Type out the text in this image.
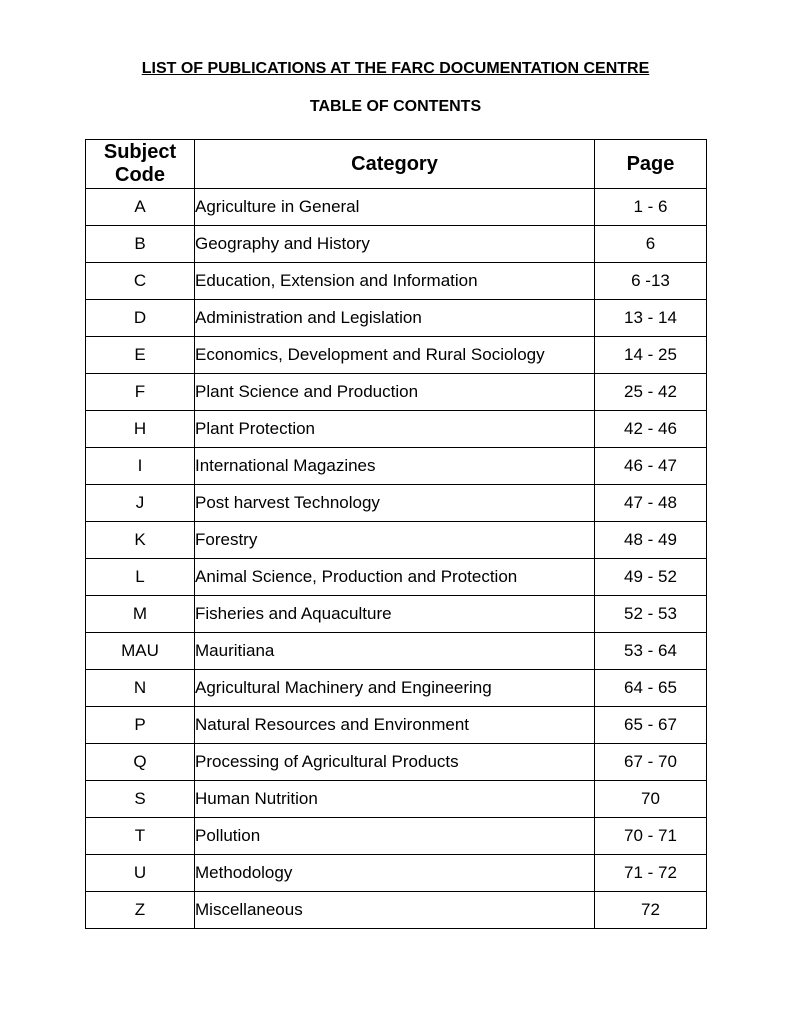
LIST OF PUBLICATIONS AT THE FARC DOCUMENTATION CENTRE
TABLE OF CONTENTS
Subject
Code	Category	Page
A	Agriculture in General	1 - 6
B	Geography and History	6
C	Education, Extension and Information	6 -13
D	Administration and Legislation	13 - 14
E	Economics, Development and Rural Sociology	14 - 25
F	Plant Science and Production	25 - 42
H	Plant Protection	42 - 46
I	International Magazines	46 - 47
J	Post harvest Technology	47 - 48
K	Forestry	48 - 49
L	Animal Science, Production and Protection	49 - 52
M	Fisheries and Aquaculture	52 - 53
MAU	Mauritiana	53 - 64
N	Agricultural Machinery and Engineering	64 - 65
P	Natural Resources and Environment	65 - 67
Q	Processing of Agricultural Products	67 - 70
S	Human Nutrition	70
T	Pollution	70 - 71
U	Methodology	71 - 72
Z	Miscellaneous	72
